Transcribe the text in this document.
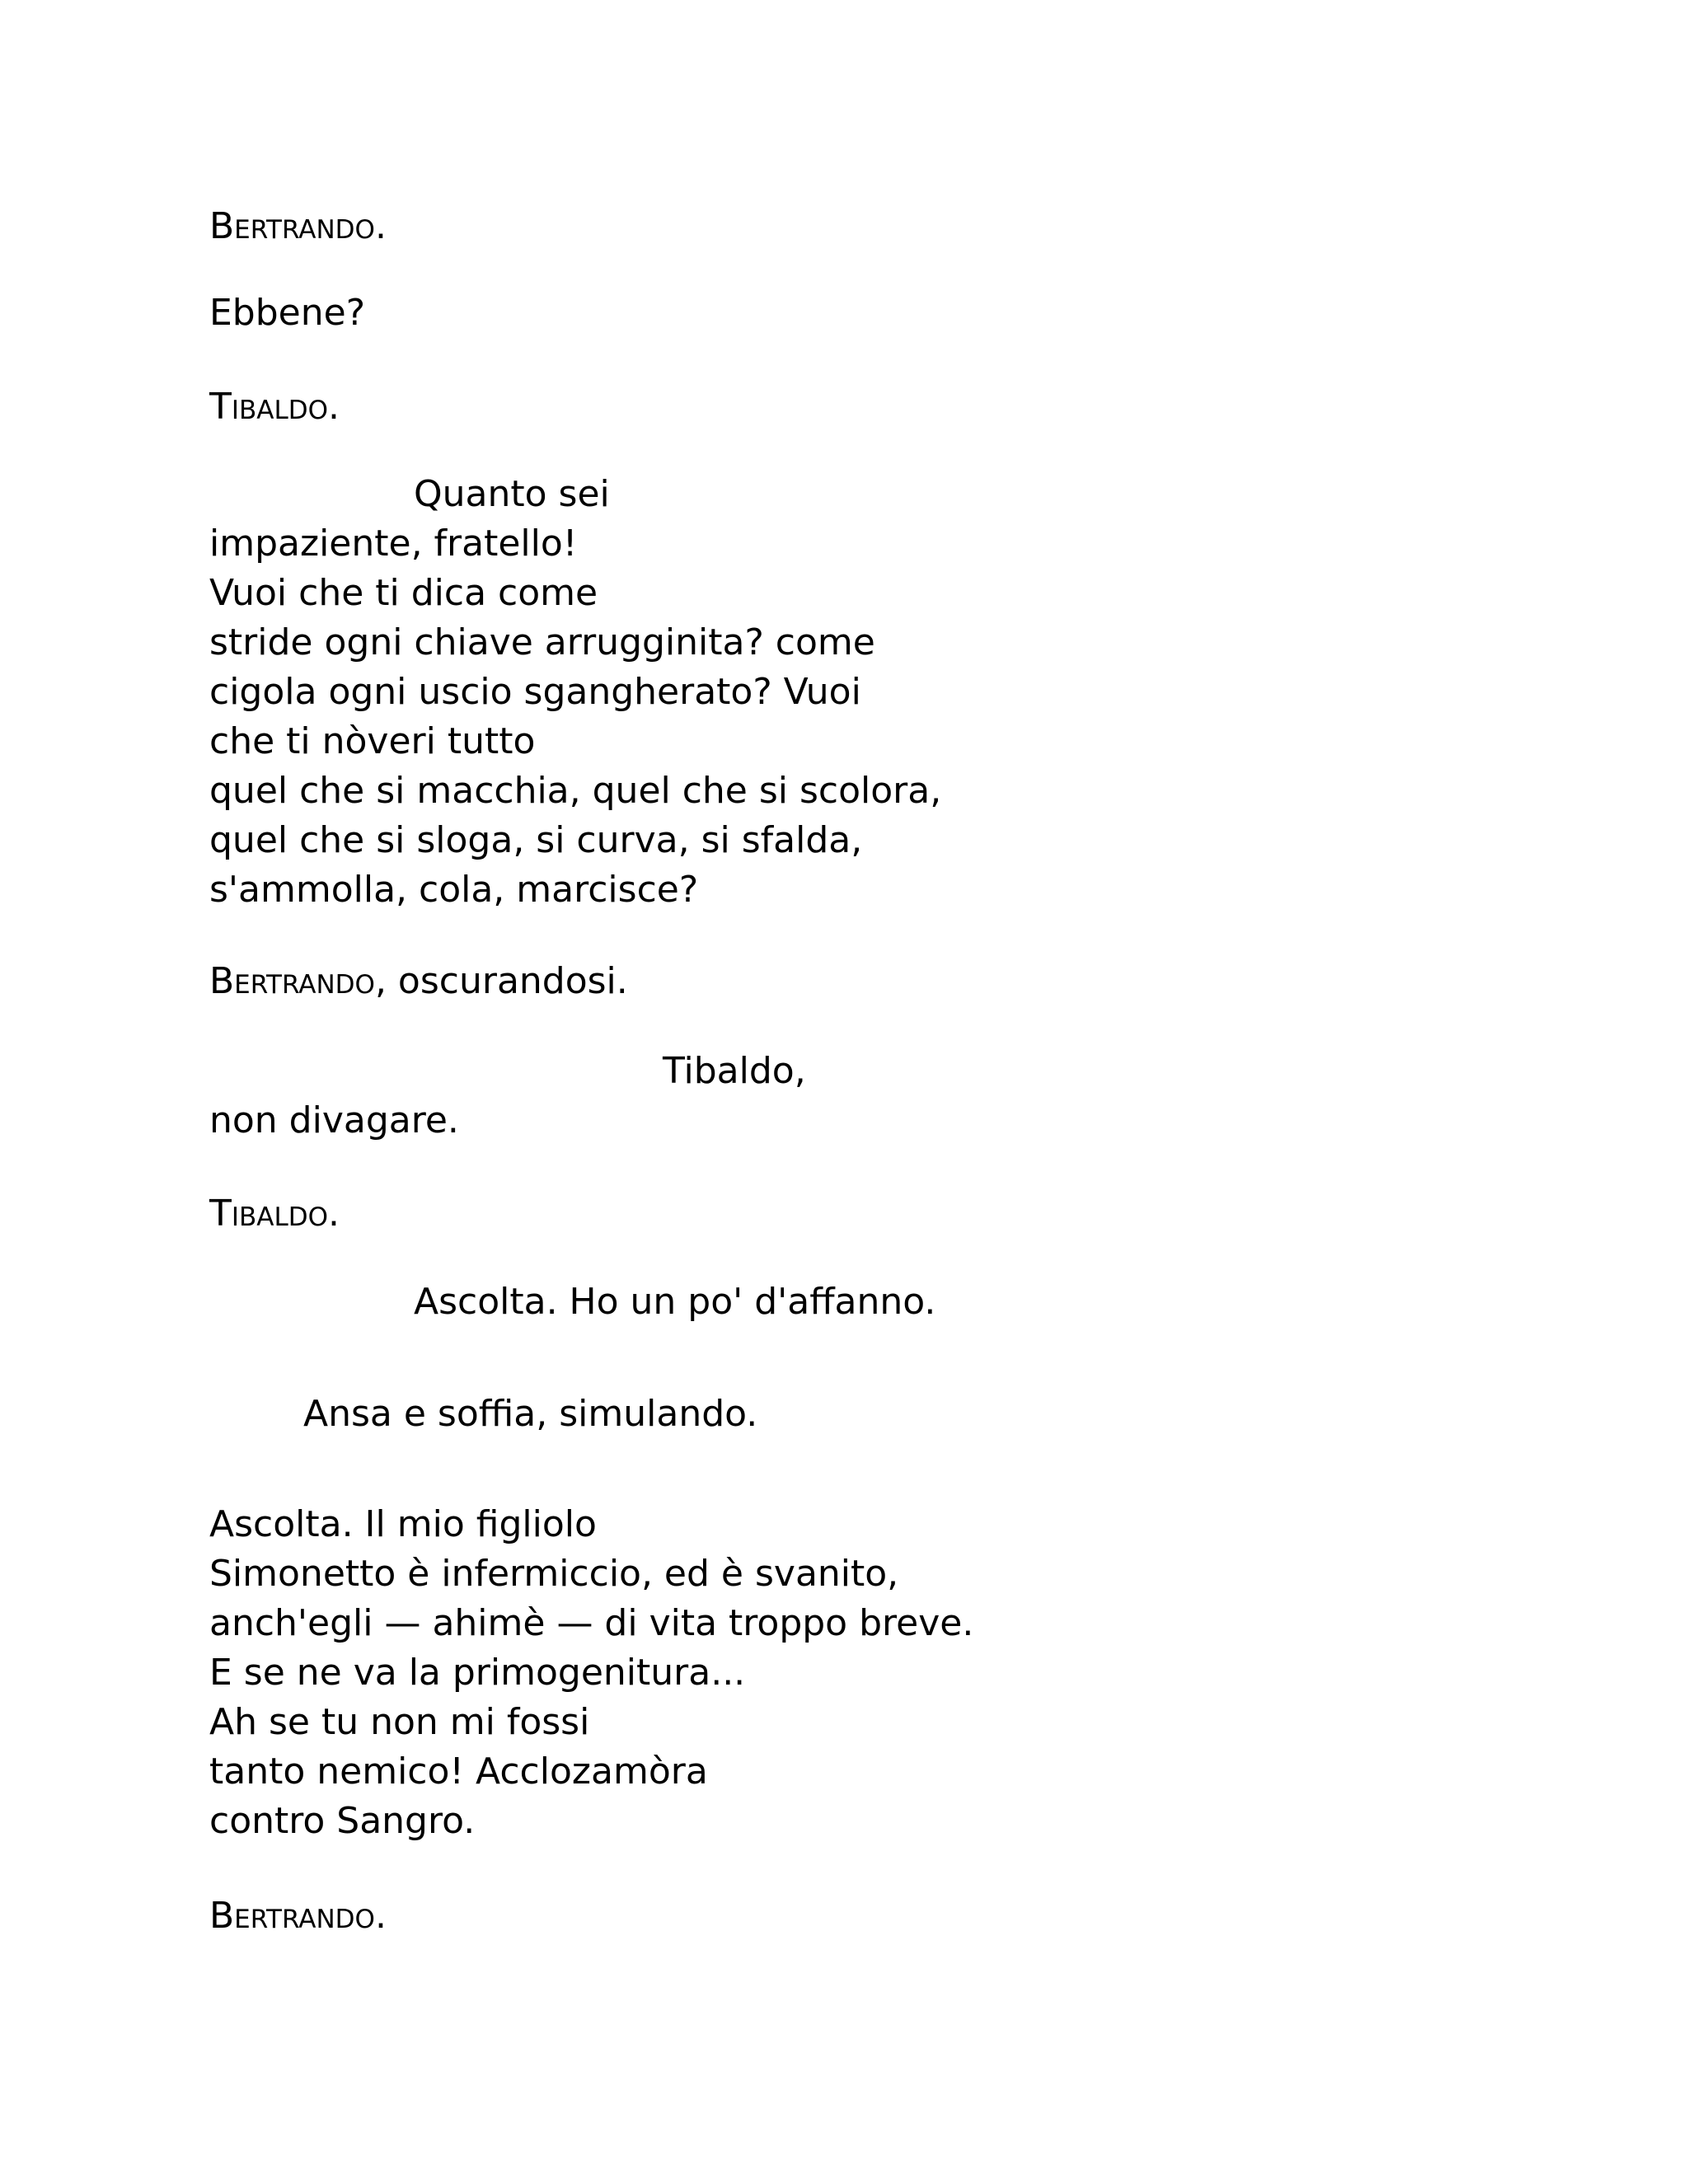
Bertrando.
Ebbene?
Tibaldo.
Quanto sei
impaziente, fratello!
Vuoi che ti dica come
stride ogni chiave arrugginita? come
cigola ogni uscio sgangherato? Vuoi
che ti nòveri tutto
quel che si macchia, quel che si scolora,
quel che si sloga, si curva, si sfalda,
s'ammolla, cola, marcisce?
Bertrando, oscurandosi.
Tibaldo,
non divagare.
Tibaldo.
Ascolta. Ho un po' d'affanno.
Ansa e soffia, simulando.
Ascolta. Il mio figliolo
Simonetto è infermiccio, ed è svanito,
anch'egli — ahimè — di vita troppo breve.
E se ne va la primogenitura...
Ah se tu non mi fossi
tanto nemico! Acclozamòra
contro Sangro.
Bertrando.
